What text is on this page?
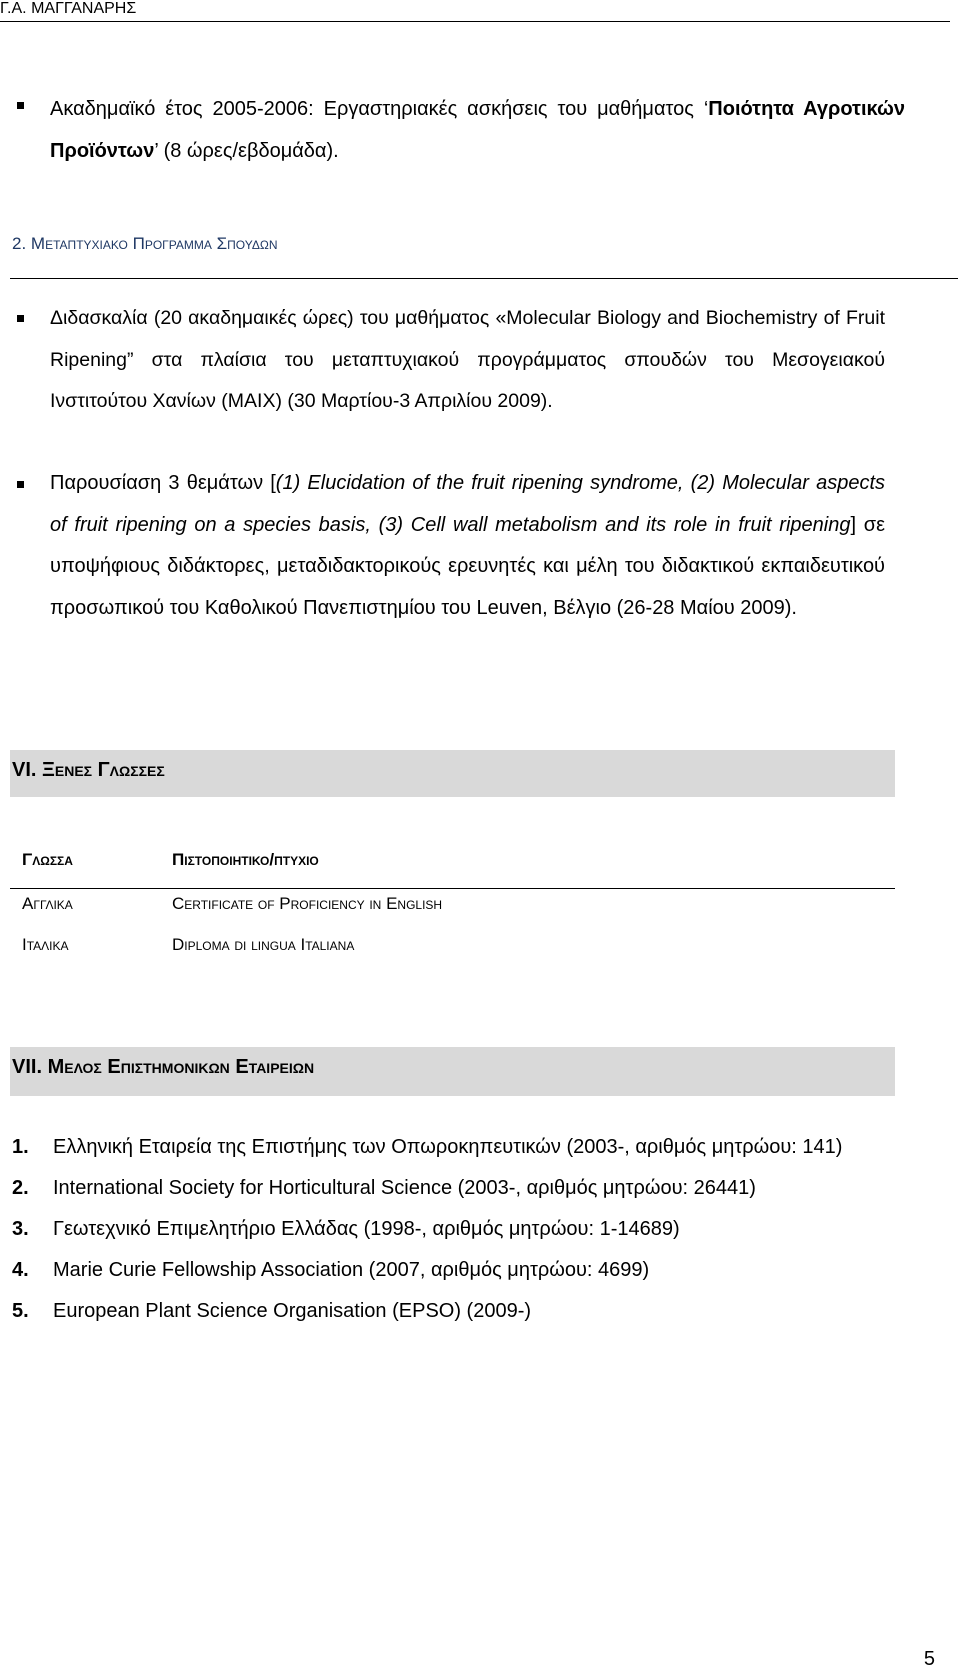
Γ.Α. ΜΑΓΓΑΝΑΡΗΣ
Ακαδημαϊκό έτος 2005-2006: Εργαστηριακές ασκήσεις του μαθήματος ‘Ποιότητα Αγροτικών Προϊόντων’ (8 ώρες/εβδομάδα).
2. Μεταπτυχιακο Προγραμμα Σπουδων
Διδασκαλία (20 ακαδημαικές ώρες) του μαθήματος «Molecular Biology and Biochemistry of Fruit Ripening” στα πλαίσια του μεταπτυχιακού προγράμματος σπουδών του Μεσογειακού Ινστιτούτου Χανίων (ΜΑΙΧ) (30 Μαρτίου-3 Απριλίου 2009).
Παρουσίαση 3 θεμάτων [(1) Elucidation of the fruit ripening syndrome, (2) Molecular aspects of fruit ripening on a species basis, (3) Cell wall metabolism and its role in fruit ripening] σε υποψήφιους διδάκτορες, μεταδιδακτορικούς ερευνητές και μέλη του διδακτικού εκπαιδευτικού προσωπικού του Καθολικού Πανεπιστημίου του Leuven, Βέλγιο (26-28 Μαίου 2009).
VI. Ξενες Γλωσσες
Γλωσσα	Πιστοποιητικο/πτυχιο
Αγγλικα	Certificate of Proficiency in English
Ιταλικα	Diploma di lingua Italiana
VII. Μελος Επιστημονικων Εταιρειων
1. Ελληνική Εταιρεία της Επιστήμης των Οπωροκηπευτικών (2003-, αριθμός μητρώου: 141)
2. International Society for Horticultural Science (2003-, αριθμός μητρώου: 26441)
3. Γεωτεχνικό Επιμελητήριο Ελλάδας (1998-, αριθμός μητρώου: 1-14689)
4. Marie Curie Fellowship Association (2007, αριθμός μητρώου: 4699)
5. European Plant Science Organisation (EPSO) (2009-)
5
